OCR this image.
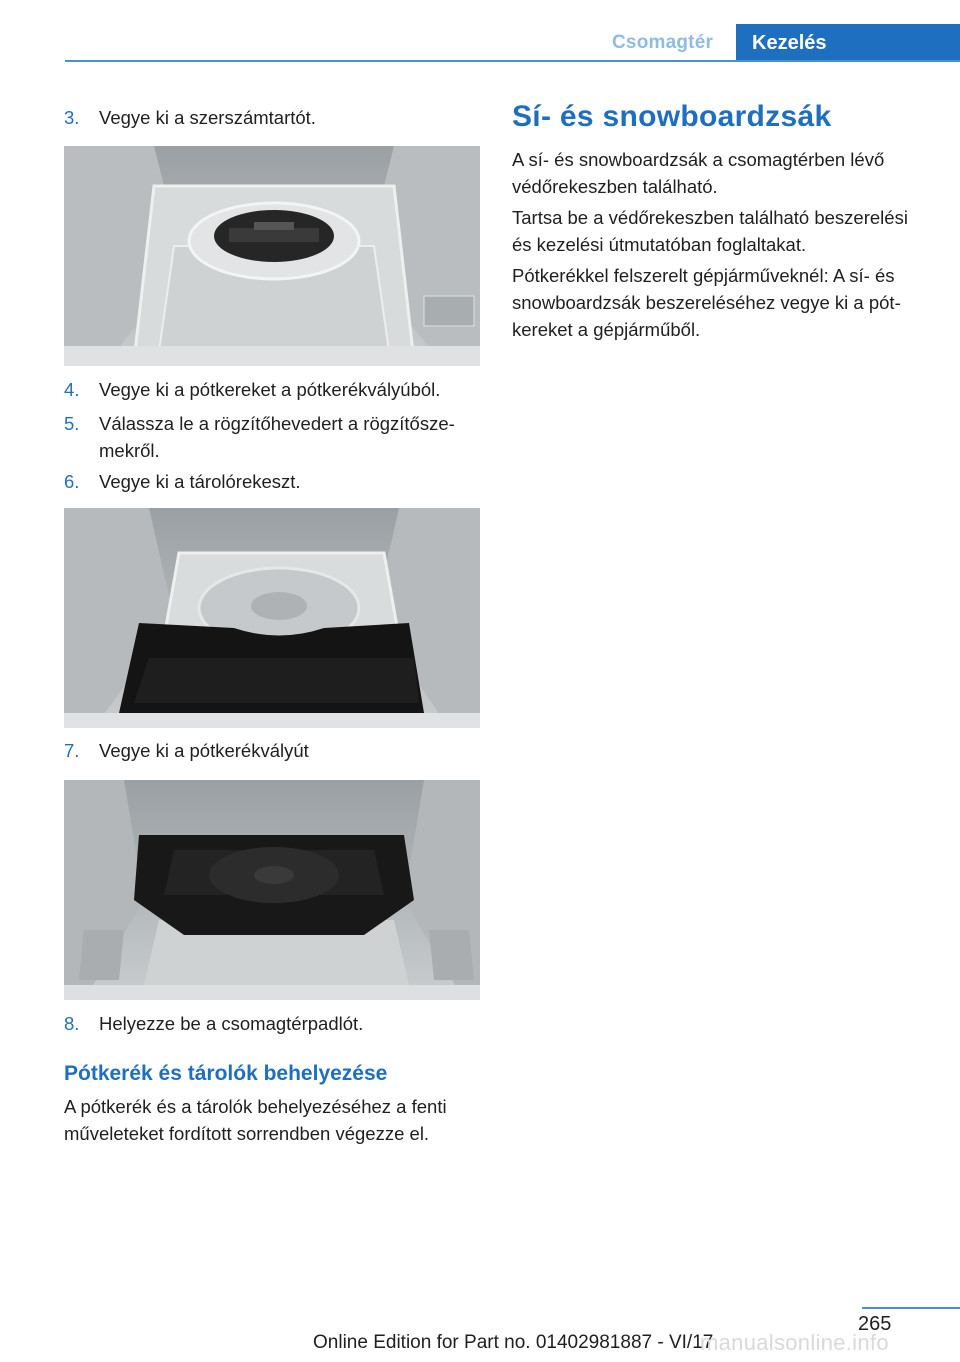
Csomagtér	Kezelés
3. Vegye ki a szerszámtartót.
4. Vegye ki a pótkereket a pótkerékvályúból.
5. Válassza le a rögzítőhevedert a rögzítőszemekről.
6. Vegye ki a tárolórekeszt.
7. Vegye ki a pótkerékvályút
8. Helyezze be a csomagtérpadlót.
Pótkerék és tárolók behelyezése
A pótkerék és a tárolók behelyezéséhez a fenti műveleteket fordított sorrendben végezze el.
Sí- és snowboardzsák
A sí- és snowboardzsák a csomagtérben lévő védőrekeszben található.
Tartsa be a védőrekeszben található beszerelési és kezelési útmutatóban foglaltakat.
Pótkerékkel felszerelt gépjárműveknél: A sí- és snowboardzsák beszereléséhez vegye ki a pótkereket a gépjárműből.
265
Online Edition for Part no. 01402981887 - VI/17
manualsonline.info
